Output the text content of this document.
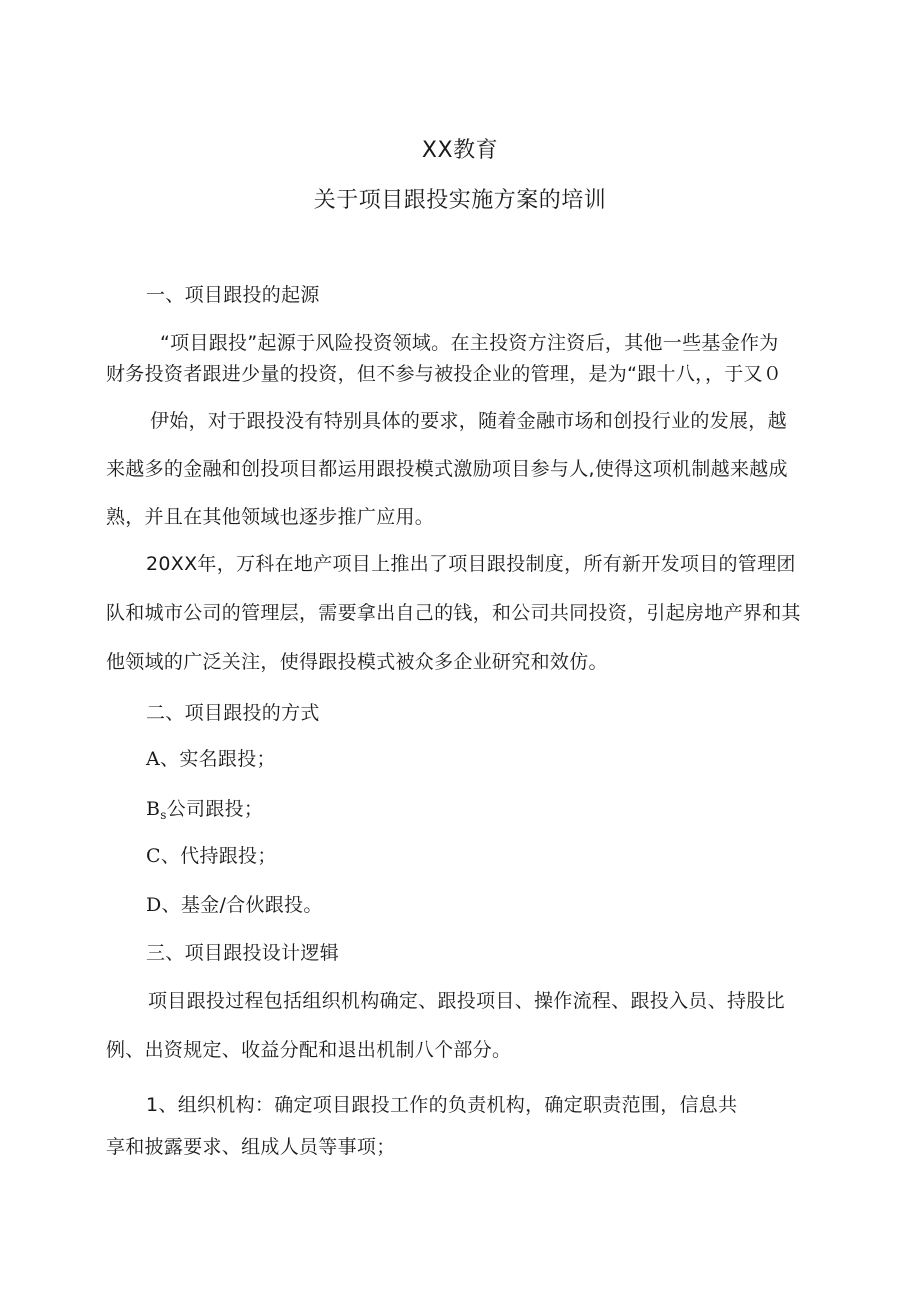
XX教育
关于项目跟投实施方案的培训
一、项目跟投的起源
“项目跟投”起源于风险投资领域。在主投资方注资后，其他一些基金作为
财务投资者跟进少量的投资，但不参与被投企业的管理，是为“跟十八，，于又０
伊始，对于跟投没有特别具体的要求，随着金融市场和创投行业的发展，越
来越多的金融和创投项目都运用跟投模式激励项目参与人,使得这项机制越来越成
熟，并且在其他领域也逐步推广应用。
20XX年，万科在地产项目上推出了项目跟投制度，所有新开发项目的管理团
队和城市公司的管理层，需要拿出自己的钱，和公司共同投资，引起房地产界和其
他领域的广泛关注，使得跟投模式被众多企业研究和效仿。
二、项目跟投的方式
A、实名跟投；
$B_s$公司跟投；
C、代持跟投；
D、基金/合伙跟投。
三、项目跟投设计逻辑
项目跟投过程包括组织机构确定、跟投项目、操作流程、跟投入员、持股比
例、出资规定、收益分配和退出机制八个部分。
1、组织机构：确定项目跟投工作的负责机构，确定职责范围，信息共
享和披露要求、组成人员等事项；
